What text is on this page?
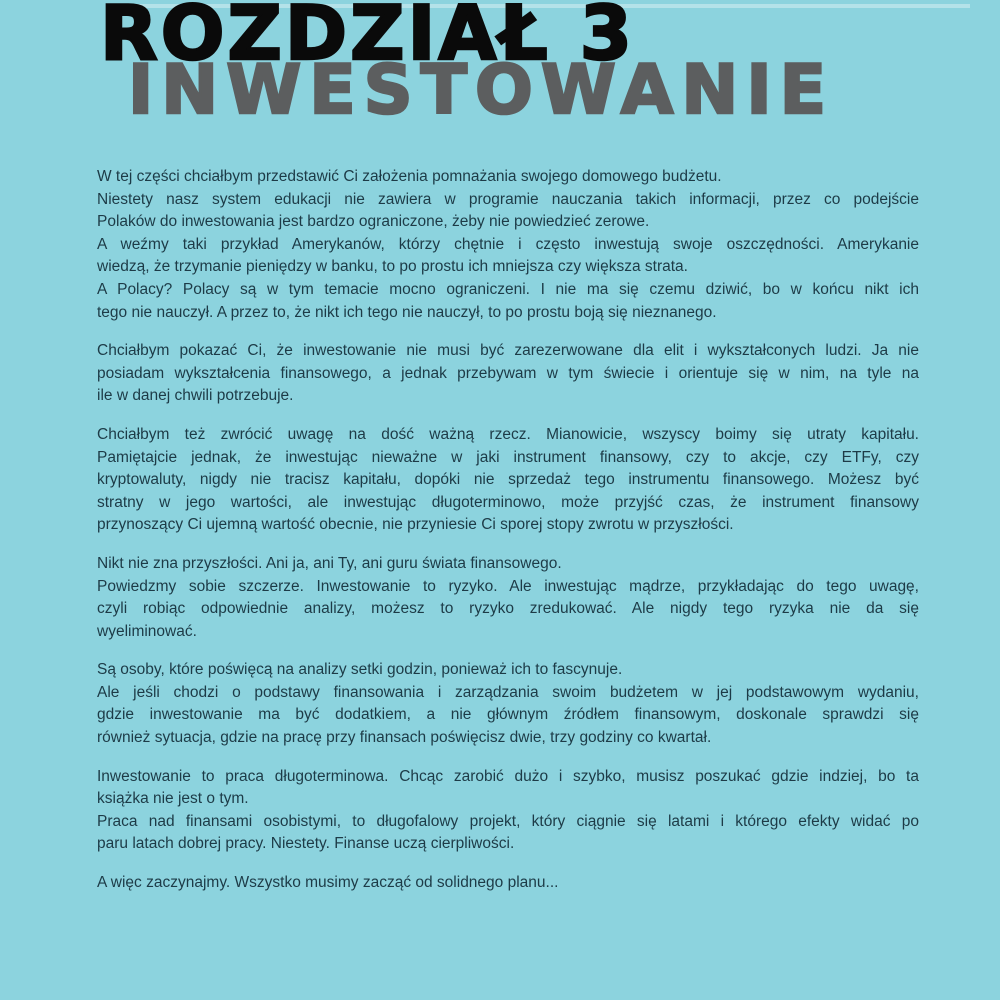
ROZDZIAŁ 3
INWESTOWANIE
W tej części chciałbym przedstawić Ci założenia pomnażania swojego domowego budżetu.
Niestety nasz system edukacji nie zawiera w programie nauczania takich informacji, przez co podejście
Polaków do inwestowania jest bardzo ograniczone, żeby nie powiedzieć zerowe.
A weźmy taki przykład Amerykanów, którzy chętnie i często inwestują swoje oszczędności. Amerykanie
wiedzą, że trzymanie pieniędzy w banku, to po prostu ich mniejsza czy większa strata.
A Polacy? Polacy są w tym temacie mocno ograniczeni. I nie ma się czemu dziwić, bo w końcu nikt ich
tego nie nauczył. A przez to, że nikt ich tego nie nauczył, to po prostu boją się nieznanego.
Chciałbym pokazać Ci, że inwestowanie nie musi być zarezerwowane dla elit i wykształconych ludzi. Ja nie
posiadam wykształcenia finansowego, a jednak przebywam w tym świecie i orientuje się w nim, na tyle na
ile w danej chwili potrzebuje.
Chciałbym też zwrócić uwagę na dość ważną rzecz. Mianowicie, wszyscy boimy się utraty kapitału.
Pamiętajcie jednak, że inwestując nieważne w jaki instrument finansowy, czy to akcje, czy ETFy, czy
kryptowaluty, nigdy nie tracisz kapitału, dopóki nie sprzedaż tego instrumentu finansowego. Możesz być
stratny w jego wartości, ale inwestując długoterminowo, może przyjść czas, że instrument finansowy
przynoszący Ci ujemną wartość obecnie, nie przyniesie Ci sporej stopy zwrotu w przyszłości.
Nikt nie zna przyszłości. Ani ja, ani Ty, ani guru świata finansowego.
Powiedzmy sobie szczerze. Inwestowanie to ryzyko. Ale inwestując mądrze, przykładając do tego uwagę,
czyli robiąc odpowiednie analizy, możesz to ryzyko zredukować. Ale nigdy tego ryzyka nie da się
wyeliminować.
Są osoby, które poświęcą na analizy setki godzin, ponieważ ich to fascynuje.
Ale jeśli chodzi o podstawy finansowania i zarządzania swoim budżetem w jej podstawowym wydaniu,
gdzie inwestowanie ma być dodatkiem, a nie głównym źródłem finansowym, doskonale sprawdzi się
również sytuacja, gdzie na pracę przy finansach poświęcisz dwie, trzy godziny co kwartał.
Inwestowanie to praca długoterminowa. Chcąc zarobić dużo i szybko, musisz poszukać gdzie indziej, bo ta
książka nie jest o tym.
Praca nad finansami osobistymi, to długofalowy projekt, który ciągnie się latami i którego efekty widać po
paru latach dobrej pracy. Niestety. Finanse uczą cierpliwości.
A więc zaczynajmy. Wszystko musimy zacząć od solidnego planu...
